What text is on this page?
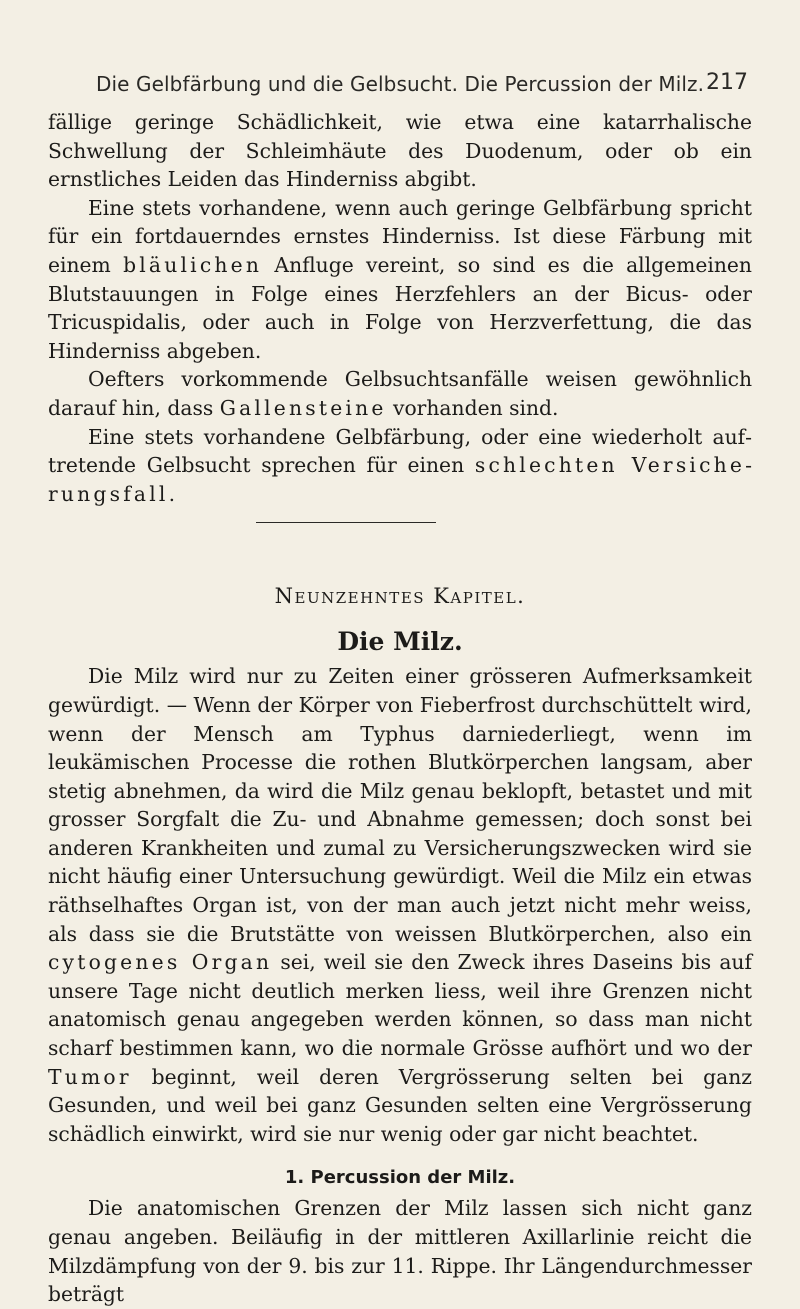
Die Gelbfärbung und die Gelbsucht. Die Percussion der Milz. 217

fällige geringe Schädlichkeit, wie etwa eine katarrhalische Schwellung der Schleimhäute des Duodenum, oder ob ein ernstliches Leiden das Hinderniss abgibt.

Eine stets vorhandene, wenn auch geringe Gelbfärbung spricht für ein fortdauerndes ernstes Hinderniss. Ist diese Färbung mit einem bläulichen Anfluge vereint, so sind es die allgemeinen Blutstauungen in Folge eines Herzfehlers an der Bicus- oder Tricuspidalis, oder auch in Folge von Herzverfettung, die das Hinderniss abgeben.

Oefters vorkommende Gelbsuchtsanfälle weisen gewöhnlich darauf hin, dass Gallensteine vorhanden sind.

Eine stets vorhandene Gelbfärbung, oder eine wiederholt auftretende Gelbsucht sprechen für einen schlechten Versicherungsfall.

Neunzehntes Kapitel.
Die Milz.

Die Milz wird nur zu Zeiten einer grösseren Aufmerksamkeit gewürdigt. — Wenn der Körper von Fieberfrost durchschüttelt wird, wenn der Mensch am Typhus darniederliegt, wenn im leukämischen Processe die rothen Blutkörperchen langsam, aber stetig abnehmen, da wird die Milz genau beklopft, betastet und mit grosser Sorgfalt die Zu- und Abnahme gemessen; doch sonst bei anderen Krankheiten und zumal zu Versicherungszwecken wird sie nicht häufig einer Untersuchung gewürdigt. Weil die Milz ein etwas räthselhaftes Organ ist, von der man auch jetzt nicht mehr weiss, als dass sie die Brutstätte von weissen Blutkörperchen, also ein cytogenes Organ sei, weil sie den Zweck ihres Daseins bis auf unsere Tage nicht deutlich merken liess, weil ihre Grenzen nicht anatomisch genau angegeben werden können, so dass man nicht scharf bestimmen kann, wo die normale Grösse aufhört und wo der Tumor beginnt, weil deren Vergrösserung selten bei ganz Gesunden, und weil bei ganz Gesunden selten eine Vergrösserung schädlich einwirkt, wird sie nur wenig oder gar nicht beachtet.

1. Percussion der Milz.

Die anatomischen Grenzen der Milz lassen sich nicht ganz genau angeben. Beiläufig in der mittleren Axillarlinie reicht die Milzdämpfung von der 9. bis zur 11. Rippe. Ihr Längendurchmesser beträgt
